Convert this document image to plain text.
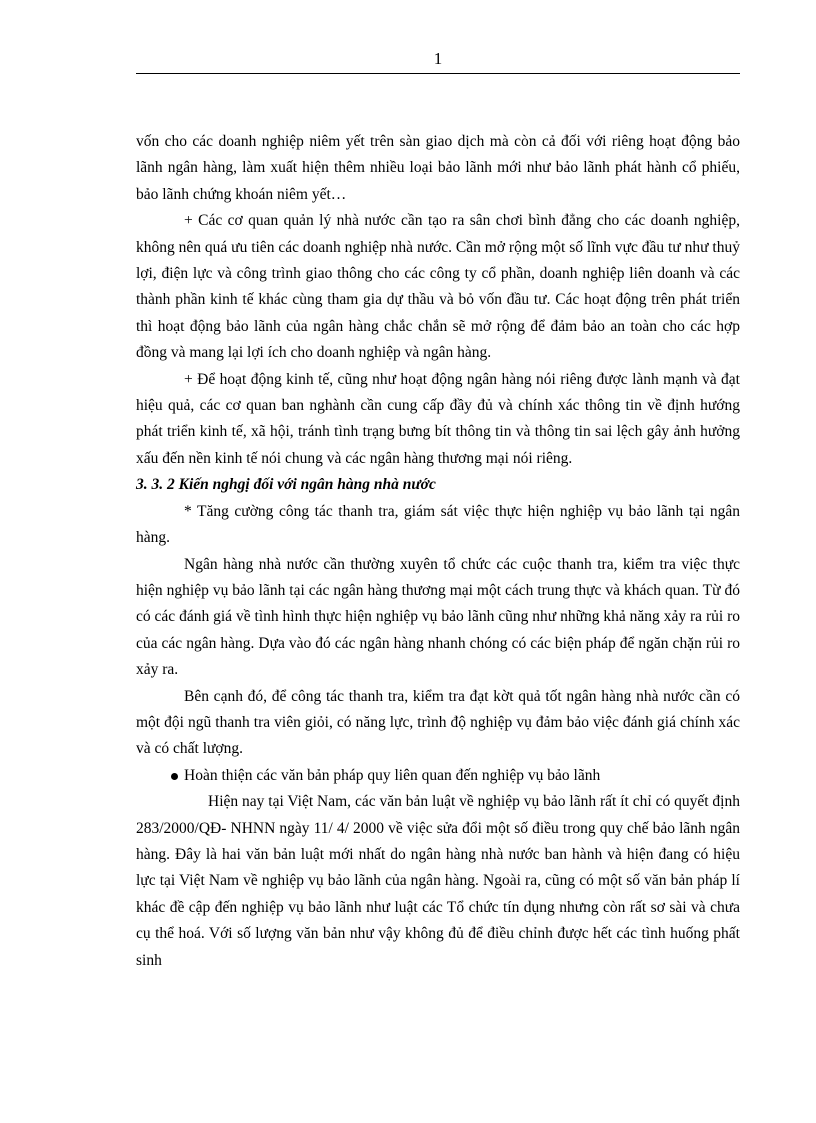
1

vốn cho các doanh nghiệp niêm yết trên sàn giao dịch mà còn cả đối với riêng hoạt động bảo lãnh ngân hàng, làm xuất hiện thêm nhiều loại bảo lãnh mới như bảo lãnh phát hành cổ phiếu, bảo lãnh chứng khoán niêm yết…

+ Các cơ quan quản lý nhà nước cần tạo ra sân chơi bình đẳng cho các doanh nghiệp, không nên quá ưu tiên các doanh nghiệp nhà nước. Cần mở rộng một số lĩnh vực đầu tư như thuỷ lợi, điện lực và công trình giao thông cho các công ty cổ phần, doanh nghiệp liên doanh và các thành phần kinh tế khác cùng tham gia dự thầu và bỏ vốn đầu tư. Các hoạt động trên phát triển thì hoạt động bảo lãnh của ngân hàng chắc chắn sẽ mở rộng để đảm bảo an toàn cho các hợp đồng và mang lại lợi ích cho doanh nghiệp và ngân hàng.

+ Để hoạt động kinh tế, cũng như hoạt động ngân hàng nói riêng được lành mạnh và đạt hiệu quả, các cơ quan ban nghành cần cung cấp đầy đủ và chính xác thông tin về định hướng phát triển kinh tế, xã hội, tránh tình trạng bưng bít thông tin và thông tin sai lệch gây ảnh hưởng xấu đến nền kinh tế nói chung và các ngân hàng thương mại nói riêng.

3. 3. 2 Kiến nghgị đối với ngân hàng nhà nước

* Tăng cường công tác thanh tra, giám sát việc thực hiện nghiệp vụ bảo lãnh tại ngân hàng.

Ngân hàng nhà nước cần thường xuyên tổ chức các cuộc thanh tra, kiểm tra việc thực hiện nghiệp vụ bảo lãnh tại các ngân hàng thương mại một cách trung thực và khách quan. Từ đó có các đánh giá về tình hình thực hiện nghiệp vụ bảo lãnh cũng như những khả năng xảy ra rủi ro của các ngân hàng. Dựa vào đó các ngân hàng nhanh chóng có các biện pháp để ngăn chặn rủi ro xảy ra.

Bên cạnh đó, để công tác thanh tra, kiểm tra đạt kờt quả tốt ngân hàng nhà nước cần có một đội ngũ thanh tra viên giỏi, có năng lực, trình độ nghiệp vụ đảm bảo việc đánh giá chính xác và có chất lượng.

Hoàn thiện các văn bản pháp quy liên quan đến nghiệp vụ bảo lãnh

Hiện nay tại Việt Nam, các văn bản luật về nghiệp vụ bảo lãnh rất ít chỉ có quyết định 283/2000/QĐ- NHNN ngày 11/ 4/ 2000 về việc sửa đổi một số điều trong quy chế bảo lãnh ngân hàng. Đây là hai văn bản luật mới nhất do ngân hàng nhà nước ban hành và hiện đang có hiệu lực tại Việt Nam về nghiệp vụ bảo lãnh của ngân hàng. Ngoài ra, cũng có một số văn bản pháp lí khác đề cập đến nghiệp vụ bảo lãnh như luật các Tổ chức tín dụng nhưng còn rất sơ sài và chưa cụ thể hoá. Với số lượng văn bản như vậy không đủ để điều chỉnh được hết các tình huống phất sinh
